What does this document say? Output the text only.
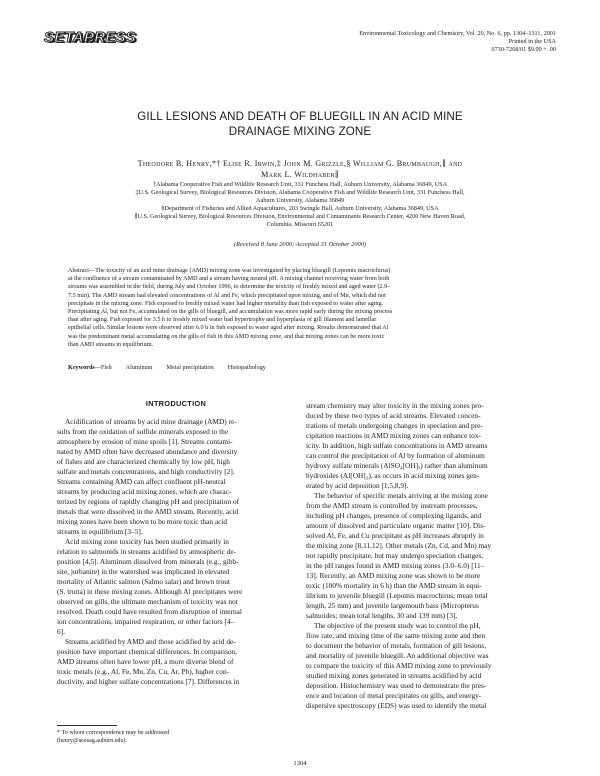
SETAC
PRESS	Environmental Toxicology and Chemistry, Vol. 20, No. 6, pp. 1304–1311, 2001
Printed in the USA
0730-7268/01 $9.00 + .00
GILL LESIONS AND DEATH OF BLUEGILL IN AN ACID MINE
DRAINAGE MIXING ZONE
Theodore B. Henry,*† Elise R. Irwin,‡ John M. Grizzle,§ William G. Brumbaugh,∥ and
Mark L. Wildhaber∥
†Alabama Cooperative Fish and Wildlife Research Unit, 331 Funchess Hall, Auburn University, Alabama 36849, USA
‡U.S. Geological Survey, Biological Resources Division, Alabama Cooperative Fish and Wildlife Research Unit, 331 Funchess Hall,
Auburn University, Alabama 36849
§Department of Fisheries and Allied Aquacultures, 203 Swingle Hall, Auburn University, Alabama 36849, USA
∥U.S. Geological Survey, Biological Resources Division, Environmental and Contaminants Research Center, 4200 New Haven Road,
Columbia, Missouri 65201
(Received 8 June 2000; Accepted 31 October 2000)
Abstract—The toxicity of an acid mine drainage (AMD) mixing zone was investigated by placing bluegill (Lepomis macrochirus)
at the confluence of a stream contaminated by AMD and a stream having neutral pH. A mixing channel receiving water from both
streams was assembled in the field, during July and October 1996, to determine the toxicity of freshly mixed and aged water (2.9–
7.5 min). The AMD stream had elevated concentrations of Al and Fe, which precipitated upon mixing, and of Mn, which did not
precipitate in the mixing zone. Fish exposed to freshly mixed water had higher mortality than fish exposed to water after aging.
Precipitating Al, but not Fe, accumulated on the gills of bluegill, and accumulation was more rapid early during the mixing process
than after aging. Fish exposed for 3.5 h to freshly mixed water had hypertrophy and hyperplasia of gill filament and lamellar
epithelial cells. Similar lesions were observed after 6.0 h in fish exposed to water aged after mixing. Results demonstrated that Al
was the predominant metal accumulating on the gills of fish in this AMD mixing zone, and that mixing zones can be more toxic
than AMD streams in equilibrium.
Keywords—Fish Aluminum Metal precipitation Histopathology
INTRODUCTION
Acidification of streams by acid mine drainage (AMD) re-
sults from the oxidation of sulfide minerals exposed to the
atmosphere by erosion of mine spoils [1]. Streams contami-
nated by AMD often have decreased abundance and diversity
of fishes and are characterized chemically by low pH, high
sulfate and metals concentrations, and high conductivity [2].
Streams containing AMD can affect confluent pH-neutral
streams by producing acid mixing zones, which are charac-
terized by regions of rapidly changing pH and precipitation of
metals that were dissolved in the AMD stream. Recently, acid
mixing zones have been shown to be more toxic than acid
streams in equilibrium [3–5].
Acid mixing zone toxicity has been studied primarily in
relation to salmonids in streams acidified by atmospheric de-
position [4,5]. Aluminum dissolved from minerals (e.g., gibb-
site, jurbanite) in the watershed was implicated in elevated
mortality of Atlantic salmon (Salmo salar) and brown trout
(S. trutta) in these mixing zones. Although Al precipitates were
observed on gills, the ultimate mechanism of toxicity was not
resolved. Death could have resulted from disruption of internal
ion concentrations, impaired respiration, or other factors [4–
6].
Streams acidified by AMD and those acidified by acid de-
position have important chemical differences. In comparison,
AMD streams often have lower pH, a more diverse blend of
toxic metals (e.g., Al, Fe, Mn, Zn, Cu, Ar, Pb), higher con-
ductivity, and higher sulfate concentrations [7]. Differences in
stream chemistry may alter toxicity in the mixing zones pro-
duced by these two types of acid streams. Elevated concen-
trations of metals undergoing changes in speciation and pre-
cipitation reactions in AMD mixing zones can enhance tox-
icity. In addition, high sulfate concentrations in AMD streams
can control the precipitation of Al by formation of aluminum
hydroxy sulfate minerals (AlSO₄[OH]ₓ) rather than aluminum
hydroxides (Al[OH]₃), as occurs in acid mixing zones gen-
erated by acid deposition [1,5,8,9].
The behavior of specific metals arriving at the mixing zone
from the AMD stream is controlled by instream processes,
including pH changes, presence of complexing ligands, and
amount of dissolved and particulate organic matter [10]. Dis-
solved Al, Fe, and Cu precipitate as pH increases abruptly in
the mixing zone [8,11,12]. Other metals (Zn, Cd, and Mn) may
not rapidly precipitate, but may undergo speciation changes,
in the pH ranges found in AMD mixing zones (3.0–6.0) [11–
13]. Recently, an AMD mixing zone was shown to be more
toxic (100% mortality in 6 h) than the AMD stream in equi-
librium to juvenile bluegill (Lepomis macrochirus; mean total
length, 25 mm) and juvenile largemouth bass (Micropterus
salmoides; mean total lengths, 30 and 139 mm) [3].
The objective of the present study was to control the pH,
flow rate, and mixing time of the same mixing zone and then
to document the behavior of metals, formation of gill lesions,
and mortality of juvenile bluegill. An additional objective was
to compare the toxicity of this AMD mixing zone to previously
studied mixing zones generated in streams acidified by acid
deposition. Histochemistry was used to demonstrate the pres-
ence and location of metal precipitates on gills, and energy-
dispersive spectroscopy (EDS) was used to identify the metal
* To whom correspondence may be addressed
(henry@acesag.auburn.edu).
1304
